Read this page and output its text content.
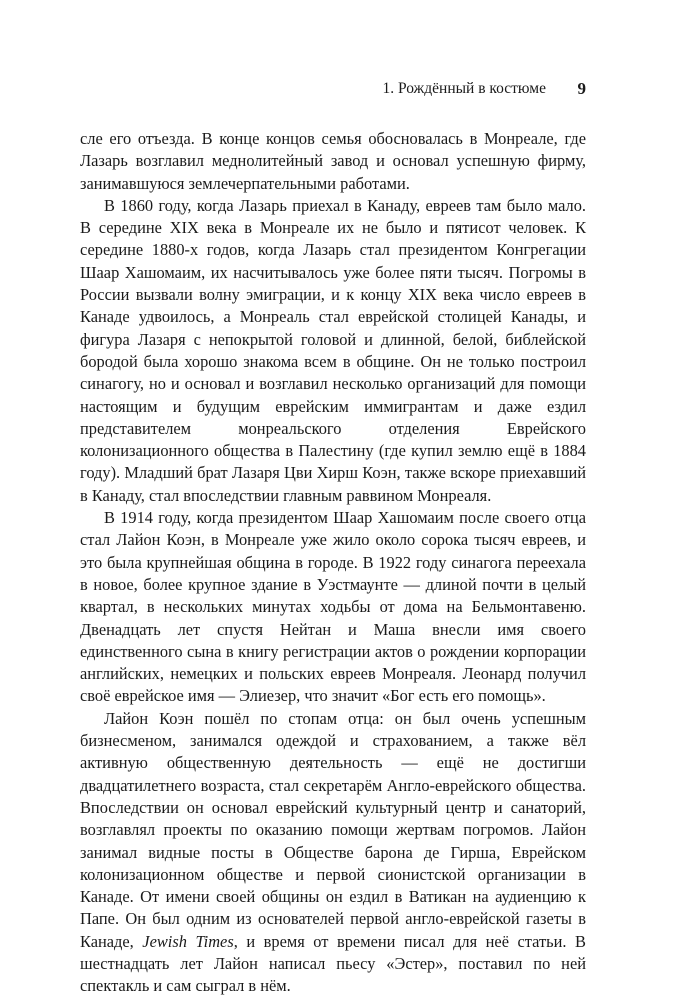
1. Рождённый в костюме 9

сле его отъезда. В конце концов семья обосновалась в Монреале, где Лазарь возглавил меднолитейный завод и основал успешную фирму, занимавшуюся землечерпательными работами.

В 1860 году, когда Лазарь приехал в Канаду, евреев там было мало. В середине XIX века в Монреале их не было и пятисот человек. К середине 1880-х годов, когда Лазарь стал президентом Конгрегации Шаар Хашомаим, их насчитывалось уже более пяти тысяч. Погромы в России вызвали волну эмиграции, и к концу XIX века число евреев в Канаде удвоилось, а Монреаль стал еврейской столицей Канады, и фигура Лазаря с непокрытой головой и длинной, белой, библейской бородой была хорошо знакома всем в общине. Он не только построил синагогу, но и основал и возглавил несколько организаций для помощи настоящим и будущим еврейским иммигрантам и даже ездил представителем монреальского отделения Еврейского колонизационного общества в Палестину (где купил землю ещё в 1884 году). Младший брат Лазаря Цви Хирш Коэн, также вскоре приехавший в Канаду, стал впоследствии главным раввином Монреаля.

В 1914 году, когда президентом Шаар Хашомаим после своего отца стал Лайон Коэн, в Монреале уже жило около сорока тысяч евреев, и это была крупнейшая община в городе. В 1922 году синагога переехала в новое, более крупное здание в Уэстмаунте — длиной почти в целый квартал, в нескольких минутах ходьбы от дома на Бельмонтавеню. Двенадцать лет спустя Нейтан и Маша внесли имя своего единственного сына в книгу регистрации актов о рождении корпорации английских, немецких и польских евреев Монреаля. Леонард получил своё еврейское имя — Элиезер, что значит «Бог есть его помощь».

Лайон Коэн пошёл по стопам отца: он был очень успешным бизнесменом, занимался одеждой и страхованием, а также вёл активную общественную деятельность — ещё не достигши двадцатилетнего возраста, стал секретарём Англо-еврейского общества. Впоследствии он основал еврейский культурный центр и санаторий, возглавлял проекты по оказанию помощи жертвам погромов. Лайон занимал видные посты в Обществе барона де Гирша, Еврейском колонизационном обществе и первой сионистской организации в Канаде. От имени своей общины он ездил в Ватикан на аудиенцию к Папе. Он был одним из основателей первой англо-еврейской газеты в Канаде, Jewish Times, и время от времени писал для неё статьи. В шестнадцать лет Лайон написал пьесу «Эстер», поставил по ней спектакль и сам сыграл в нём.
